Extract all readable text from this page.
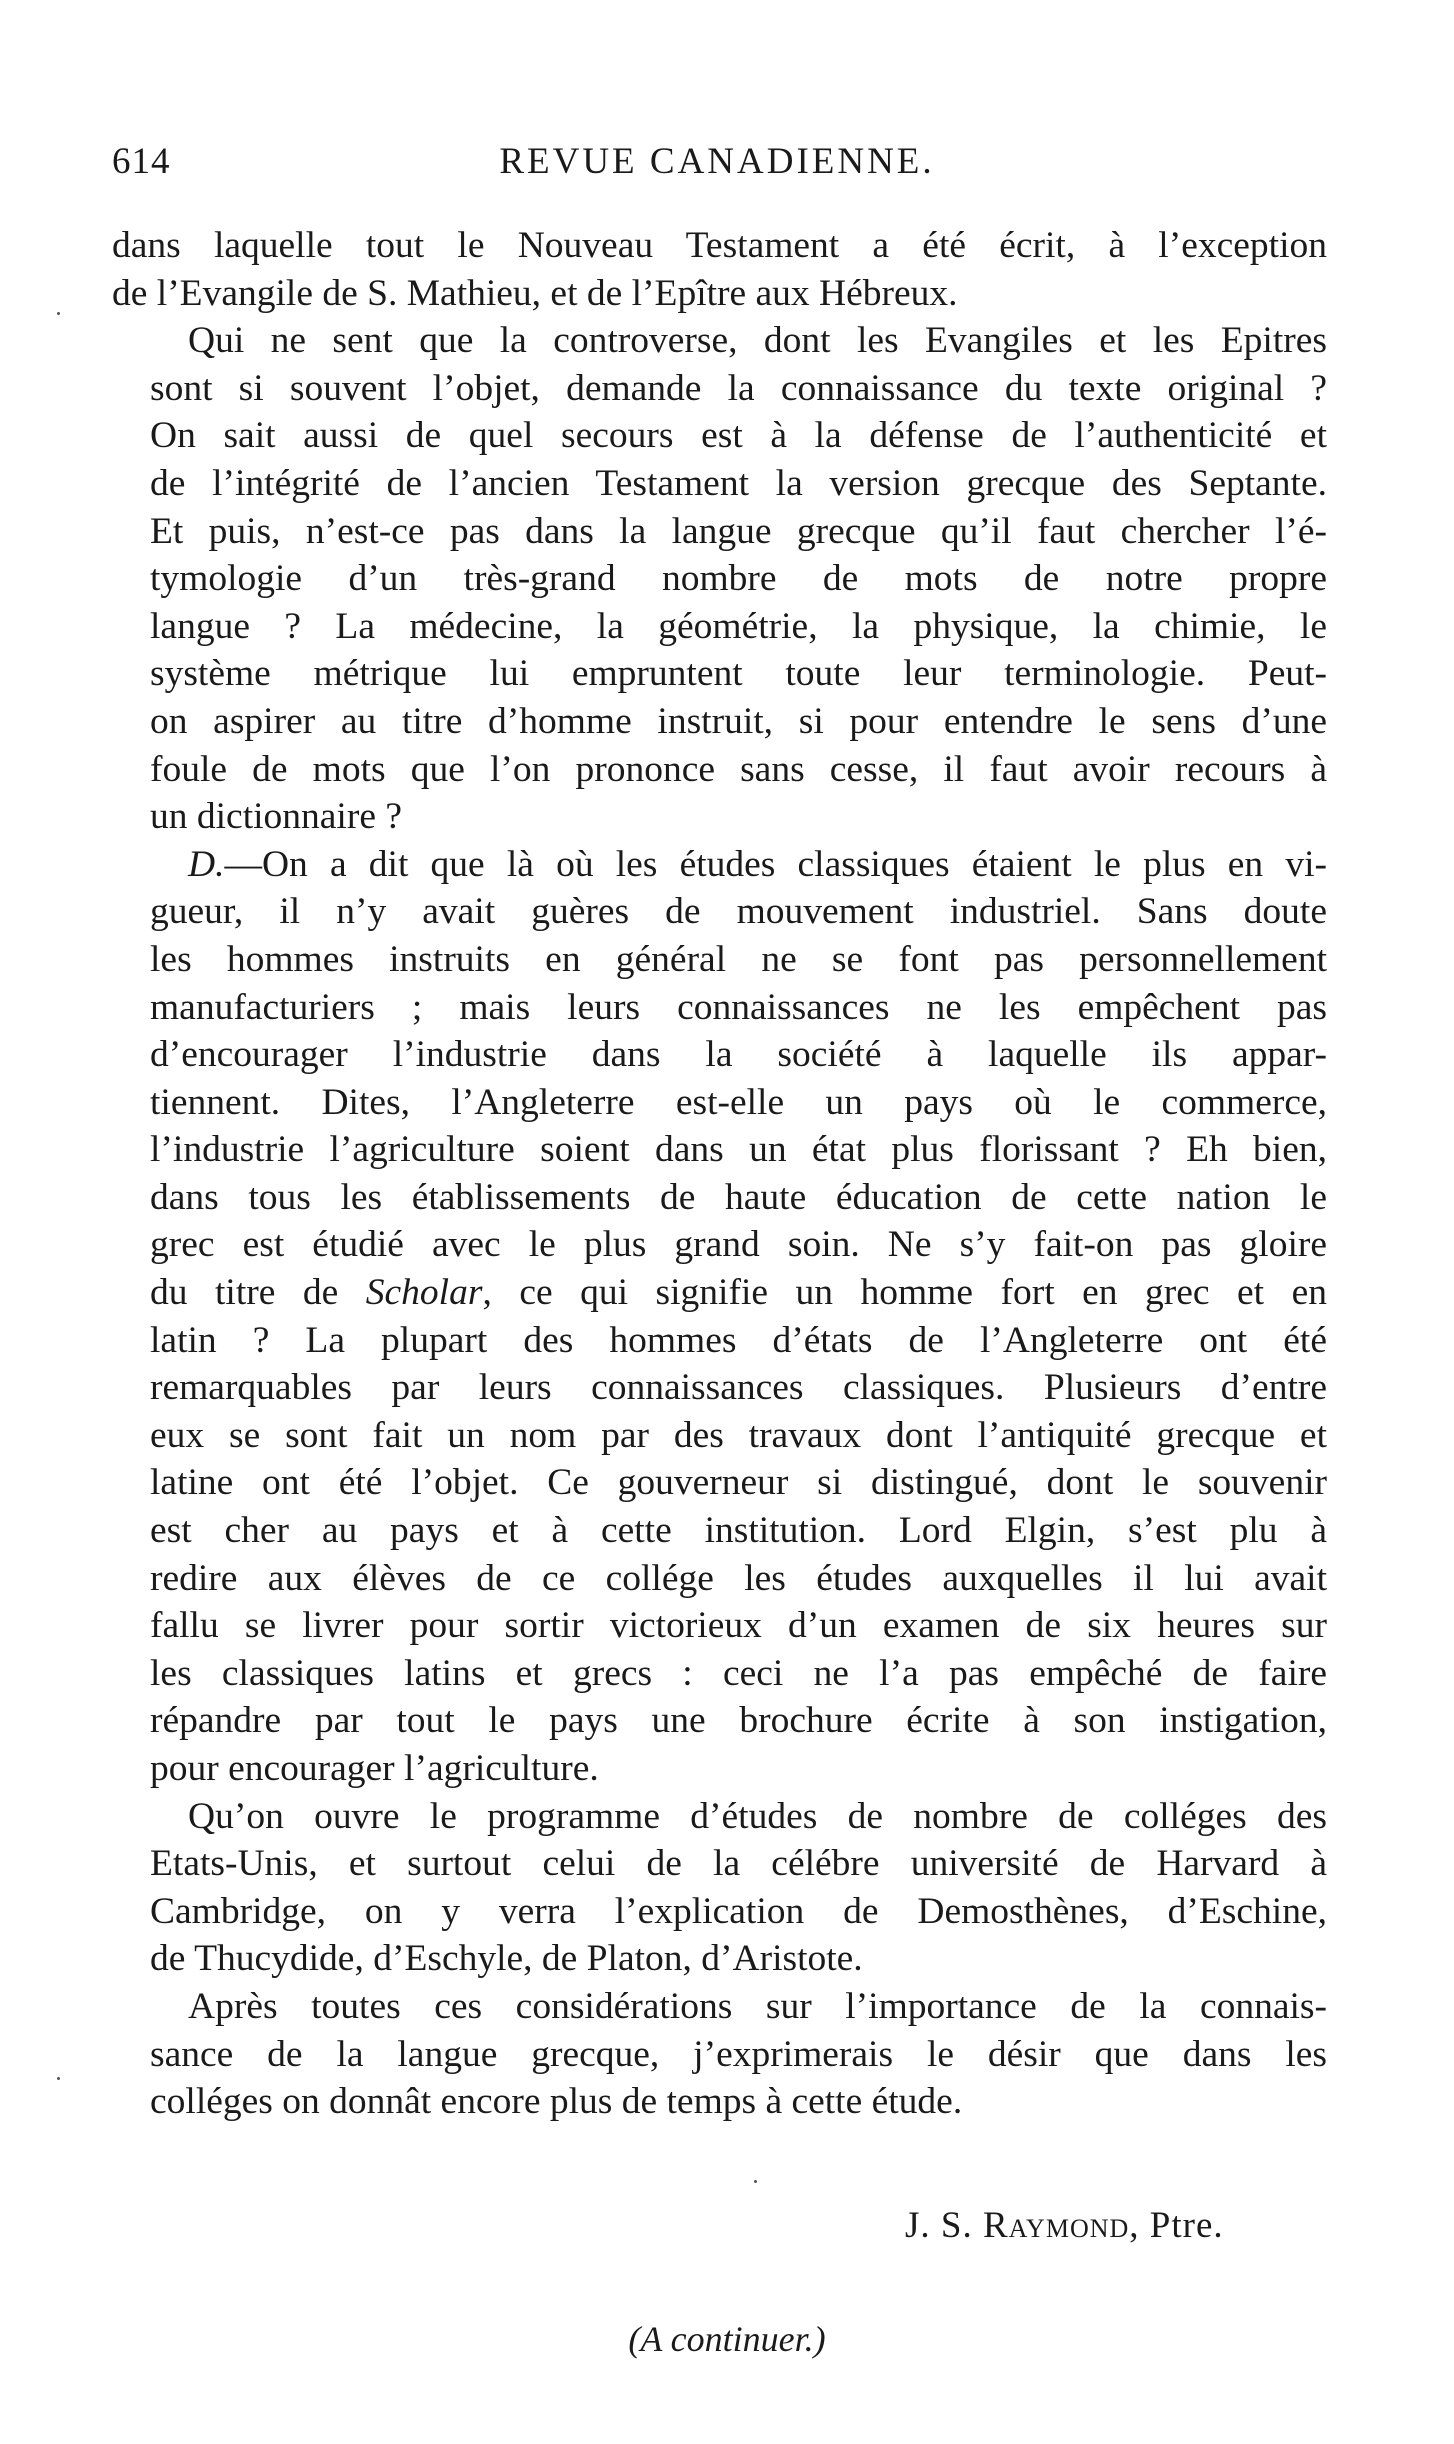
614	REVUE CANADIENNE.
dans laquelle tout le Nouveau Testament a été écrit, à l’exception
de l’Evangile de S. Mathieu, et de l’Epître aux Hébreux.
Qui ne sent que la controverse, dont les Evangiles et les Epitres
sont si souvent l’objet, demande la connaissance du texte original ?
On sait aussi de quel secours est à la défense de l’authenticité et
de l’intégrité de l’ancien Testament la version grecque des Septante.
Et puis, n’est-ce pas dans la langue grecque qu’il faut chercher l’é-
tymologie d’un très-grand nombre de mots de notre propre
langue ? La médecine, la géométrie, la physique, la chimie, le
système métrique lui empruntent toute leur terminologie. Peut-
on aspirer au titre d’homme instruit, si pour entendre le sens d’une
foule de mots que l’on prononce sans cesse, il faut avoir recours à
un dictionnaire ?
D.—On a dit que là où les études classiques étaient le plus en vi-
gueur, il n’y avait guères de mouvement industriel. Sans doute
les hommes instruits en général ne se font pas personnellement
manufacturiers ; mais leurs connaissances ne les empêchent pas
d’encourager l’industrie dans la société à laquelle ils appar-
tiennent. Dites, l’Angleterre est-elle un pays où le commerce,
l’industrie l’agriculture soient dans un état plus florissant ? Eh bien,
dans tous les établissements de haute éducation de cette nation le
grec est étudié avec le plus grand soin. Ne s’y fait-on pas gloire
du titre de Scholar, ce qui signifie un homme fort en grec et en
latin ? La plupart des hommes d’états de l’Angleterre ont été
remarquables par leurs connaissances classiques. Plusieurs d’entre
eux se sont fait un nom par des travaux dont l’antiquité grecque et
latine ont été l’objet. Ce gouverneur si distingué, dont le souvenir
est cher au pays et à cette institution. Lord Elgin, s’est plu à
redire aux élèves de ce collége les études auxquelles il lui avait
fallu se livrer pour sortir victorieux d’un examen de six heures sur
les classiques latins et grecs : ceci ne l’a pas empêché de faire
répandre par tout le pays une brochure écrite à son instigation,
pour encourager l’agriculture.
Qu’on ouvre le programme d’études de nombre de colléges des
Etats-Unis, et surtout celui de la célébre université de Harvard à
Cambridge, on y verra l’explication de Demosthènes, d’Eschine,
de Thucydide, d’Eschyle, de Platon, d’Aristote.
Après toutes ces considérations sur l’importance de la connais-
sance de la langue grecque, j’exprimerais le désir que dans les
colléges on donnât encore plus de temps à cette étude.
J. S. Raymond, Ptre.
(A continuer.)
